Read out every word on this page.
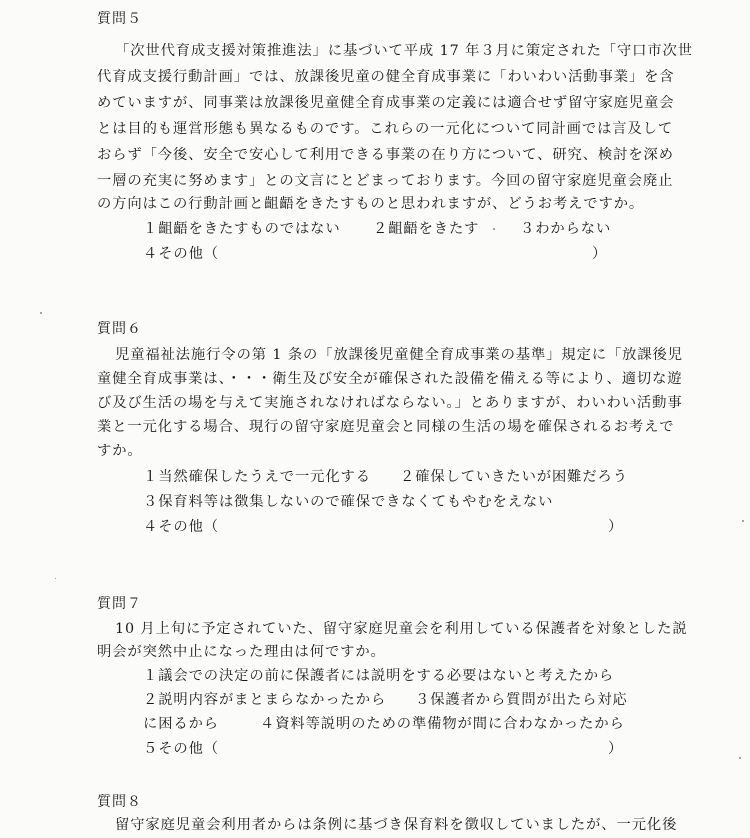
質問５
「次世代育成支援対策推進法」に基づいて平成 17 年３月に策定された「守口市次世
代育成支援行動計画」では、放課後児童の健全育成事業に「わいわい活動事業」を含
めていますが、同事業は放課後児童健全育成事業の定義には適合せず留守家庭児童会
とは目的も運営形態も異なるものです。これらの一元化について同計画では言及して
おらず「今後、安全で安心して利用できる事業の在り方について、研究、検討を深め
一層の充実に努めます」との文言にとどまっております。今回の留守家庭児童会廃止
の方向はこの行動計画と齟齬をきたすものと思われますが、どうお考えですか。
１齟齬をきたすものではない ２齟齬をきたす	３わからない
４その他（	）
質問６
児童福祉法施行令の第 1 条の「放課後児童健全育成事業の基準」規定に「放課後児
童健全育成事業は、・・・衛生及び安全が確保された設備を備える等により、適切な遊
び及び生活の場を与えて実施されなければならない。」とありますが、わいわい活動事
業と一元化する場合、現行の留守家庭児童会と同様の生活の場を確保されるお考えで
すか。
１当然確保したうえで一元化する ２確保していきたいが困難だろう
３保育料等は徴集しないので確保できなくてもやむをえない
４その他（	）
質問７
10 月上旬に予定されていた、留守家庭児童会を利用している保護者を対象とした説
明会が突然中止になった理由は何ですか。
１議会での決定の前に保護者には説明をする必要はないと考えたから
２説明内容がまとまらなかったから ３保護者から質問が出たら対応
に困るから	４資料等説明のための準備物が間に合わなかったから
５その他（	）
質問８
留守家庭児童会利用者からは条例に基づき保育料を徴収していましたが、一元化後
